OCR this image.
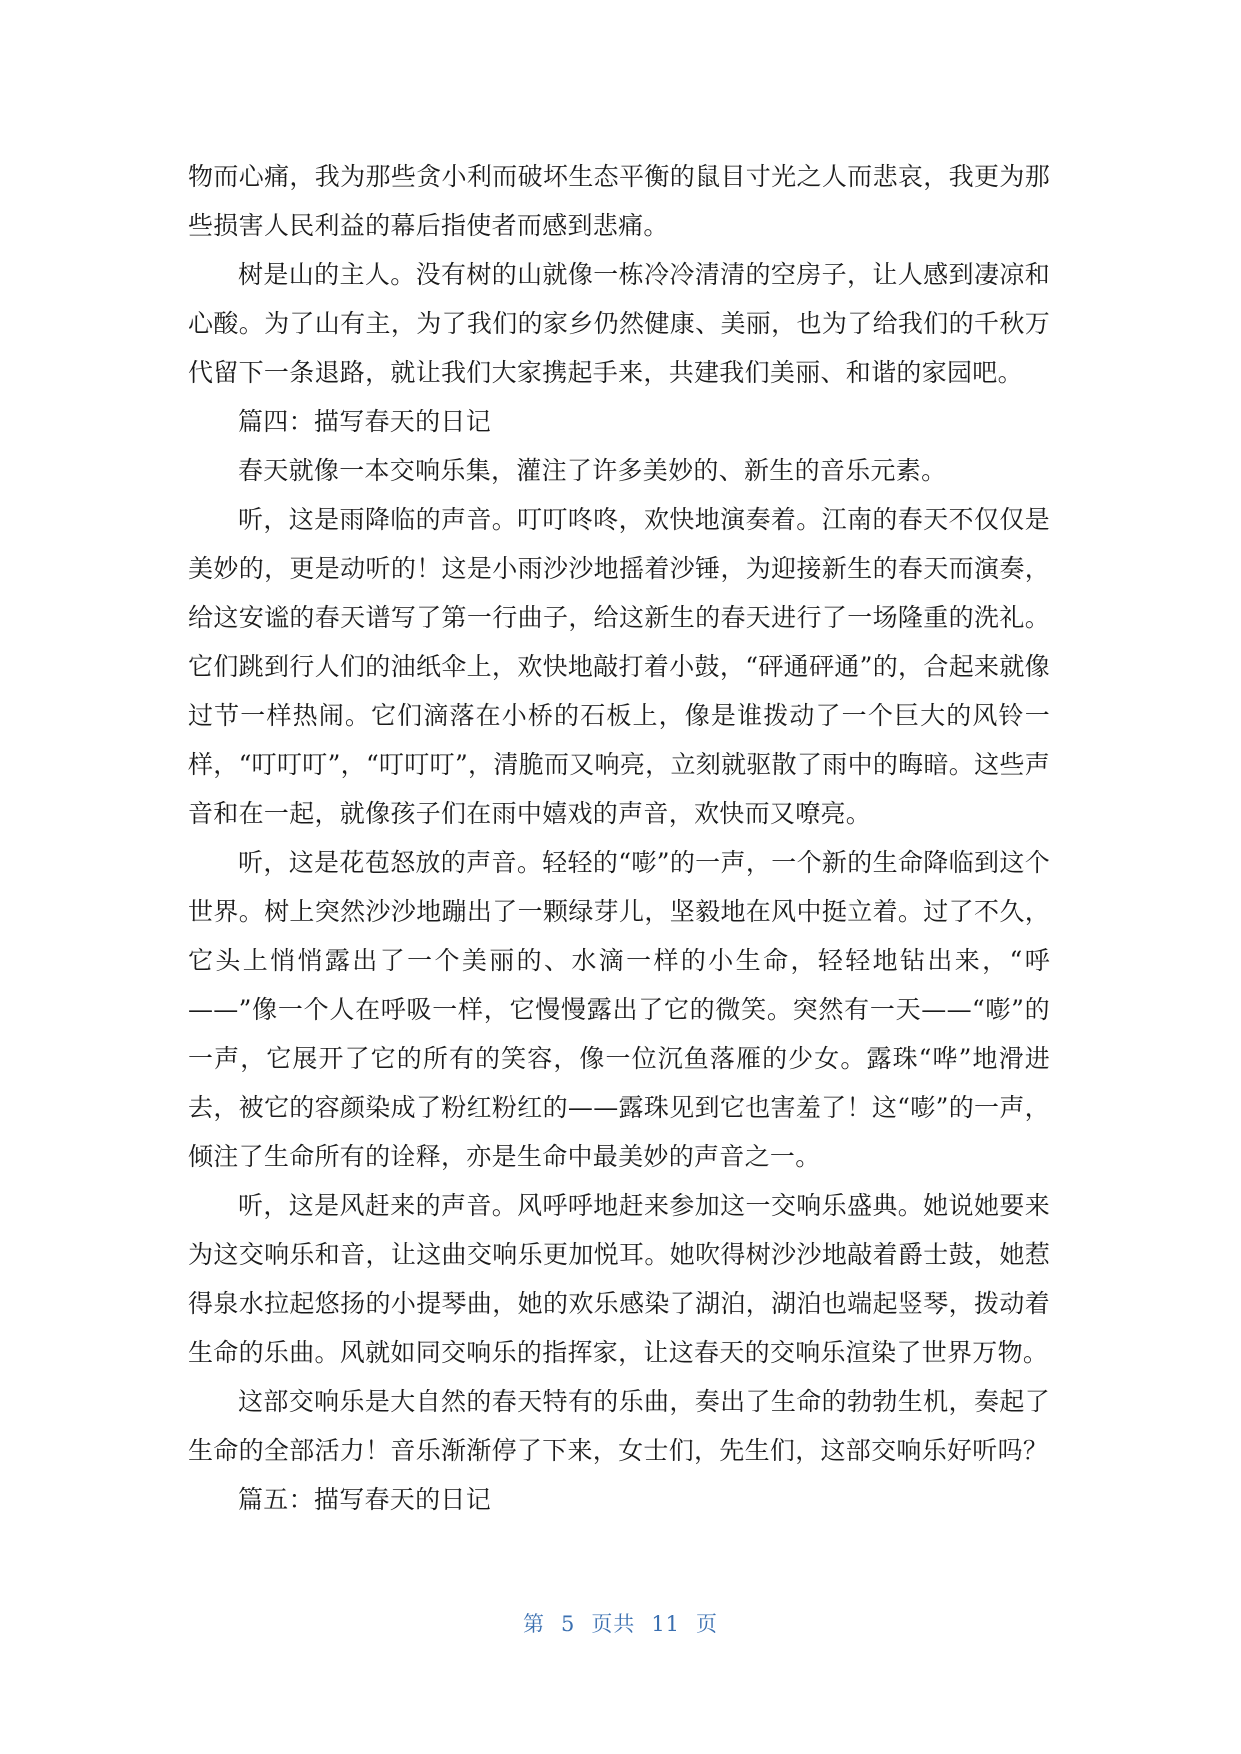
物而心痛，我为那些贪小利而破坏生态平衡的鼠目寸光之人而悲哀，我更为那些损害人民利益的幕后指使者而感到悲痛。

树是山的主人。没有树的山就像一栋冷冷清清的空房子，让人感到凄凉和心酸。为了山有主，为了我们的家乡仍然健康、美丽，也为了给我们的千秋万代留下一条退路，就让我们大家携起手来，共建我们美丽、和谐的家园吧。

篇四：描写春天的日记

春天就像一本交响乐集，灌注了许多美妙的、新生的音乐元素。

听，这是雨降临的声音。叮叮咚咚，欢快地演奏着。江南的春天不仅仅是美妙的，更是动听的！这是小雨沙沙地摇着沙锤，为迎接新生的春天而演奏，给这安谧的春天谱写了第一行曲子，给这新生的春天进行了一场隆重的洗礼。它们跳到行人们的油纸伞上，欢快地敲打着小鼓，“砰通砰通”的，合起来就像过节一样热闹。它们滴落在小桥的石板上，像是谁拨动了一个巨大的风铃一样，“叮叮叮”，“叮叮叮”，清脆而又响亮，立刻就驱散了雨中的晦暗。这些声音和在一起，就像孩子们在雨中嬉戏的声音，欢快而又嘹亮。

听，这是花苞怒放的声音。轻轻的“嘭”的一声，一个新的生命降临到这个世界。树上突然沙沙地蹦出了一颗绿芽儿，坚毅地在风中挺立着。过了不久，它头上悄悄露出了一个美丽的、水滴一样的小生命，轻轻地钻出来，“呼——”像一个人在呼吸一样，它慢慢露出了它的微笑。突然有一天——“嘭”的一声，它展开了它的所有的笑容，像一位沉鱼落雁的少女。露珠“哗”地滑进去，被它的容颜染成了粉红粉红的——露珠见到它也害羞了！这“嘭”的一声，倾注了生命所有的诠释，亦是生命中最美妙的声音之一。

听，这是风赶来的声音。风呼呼地赶来参加这一交响乐盛典。她说她要来为这交响乐和音，让这曲交响乐更加悦耳。她吹得树沙沙地敲着爵士鼓，她惹得泉水拉起悠扬的小提琴曲，她的欢乐感染了湖泊，湖泊也端起竖琴，拨动着生命的乐曲。风就如同交响乐的指挥家，让这春天的交响乐渲染了世界万物。

这部交响乐是大自然的春天特有的乐曲，奏出了生命的勃勃生机，奏起了生命的全部活力！音乐渐渐停了下来，女士们，先生们，这部交响乐好听吗？

篇五：描写春天的日记

第 5 页共 11 页
